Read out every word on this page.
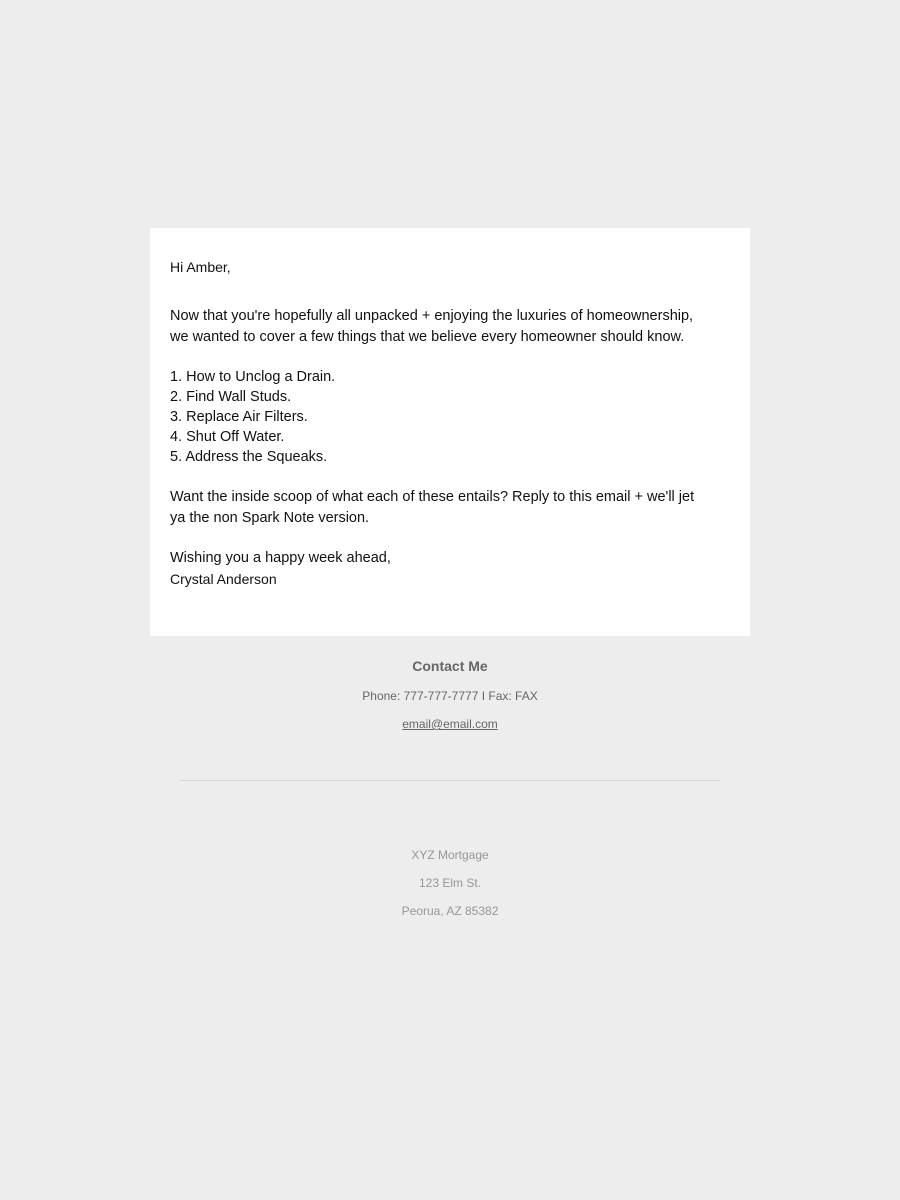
Hi Amber,

Now that you're hopefully all unpacked + enjoying the luxuries of homeownership,
we wanted to cover a few things that we believe every homeowner should know.
1. How to Unclog a Drain.
2. Find Wall Studs.
3. Replace Air Filters.
4. Shut Off Water.
5. Address the Squeaks.
Want the inside scoop of what each of these entails? Reply to this email + we'll jet
ya the non Spark Note version.

Wishing you a happy week ahead,

Crystal Anderson

Contact Me

Phone: 777-777-7777 I Fax: FAX

email@email.com

XYZ Mortgage

123 Elm St.

Peorua, AZ 85382
